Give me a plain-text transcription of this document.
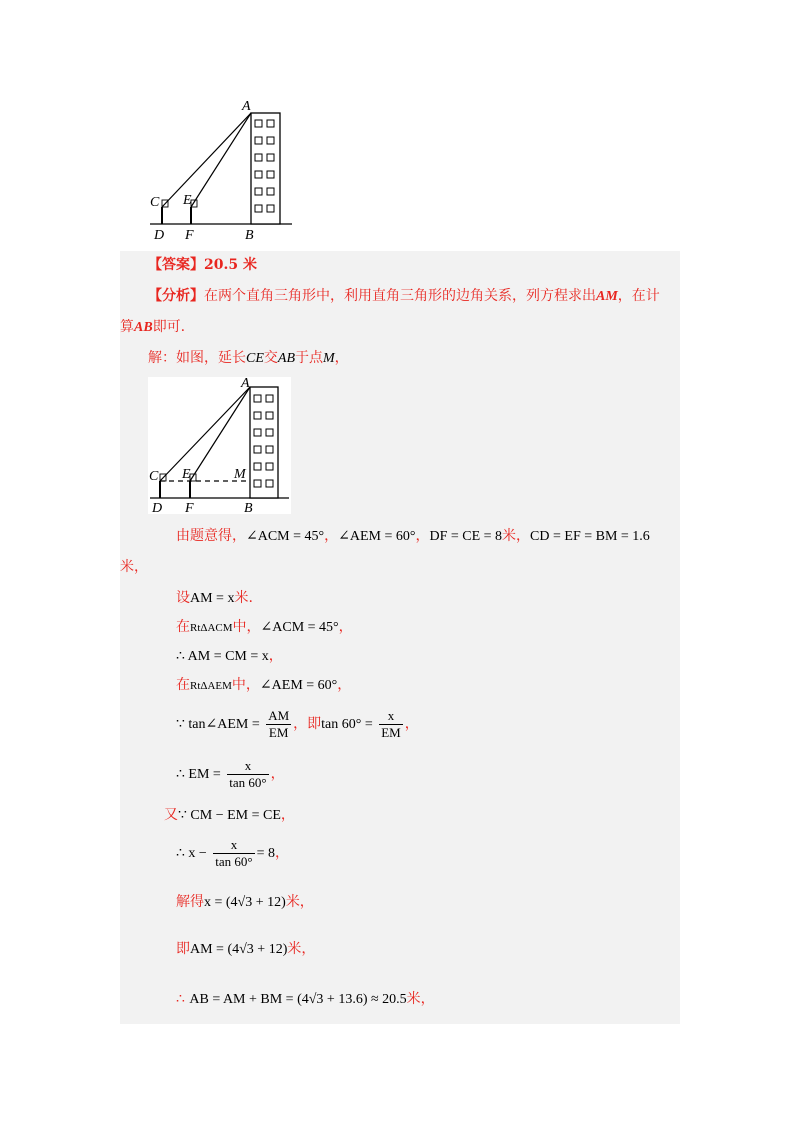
A
C E
D F	B
【答案】20.5 米
【分析】在两个直角三角形中，利用直角三角形的边角关系，列方程求出AM，在计
算AB即可.
解：如图，延长CE交AB于点M，
A
C E	M
D F	B
由题意得，∠ACM = 45°，∠AEM = 60°，DF = CE = 8米，CD = EF = BM = 1.6
米，
设AM = x米.
在RtΔACM中，∠ACM = 45°，
∴ AM = CM = x，
在RtΔAEM中，∠AEM = 60°，
∵ tan∠AEM = $\frac{AM}{EM}$ ，即$\tan 60^\circ = \frac{x}{EM}$ ，
∴ EM = $\frac{x}{\tan 60^\circ}$ ，
又∵ CM − EM = CE，
∴ $x - \frac{x}{\tan 60^\circ} = 8$，
解得x = (4√3 + 12)米，
即AM = (4√3 + 12)米，
∴ AB = AM + BM = (4√3 + 13.6) ≈ 20.5米，
